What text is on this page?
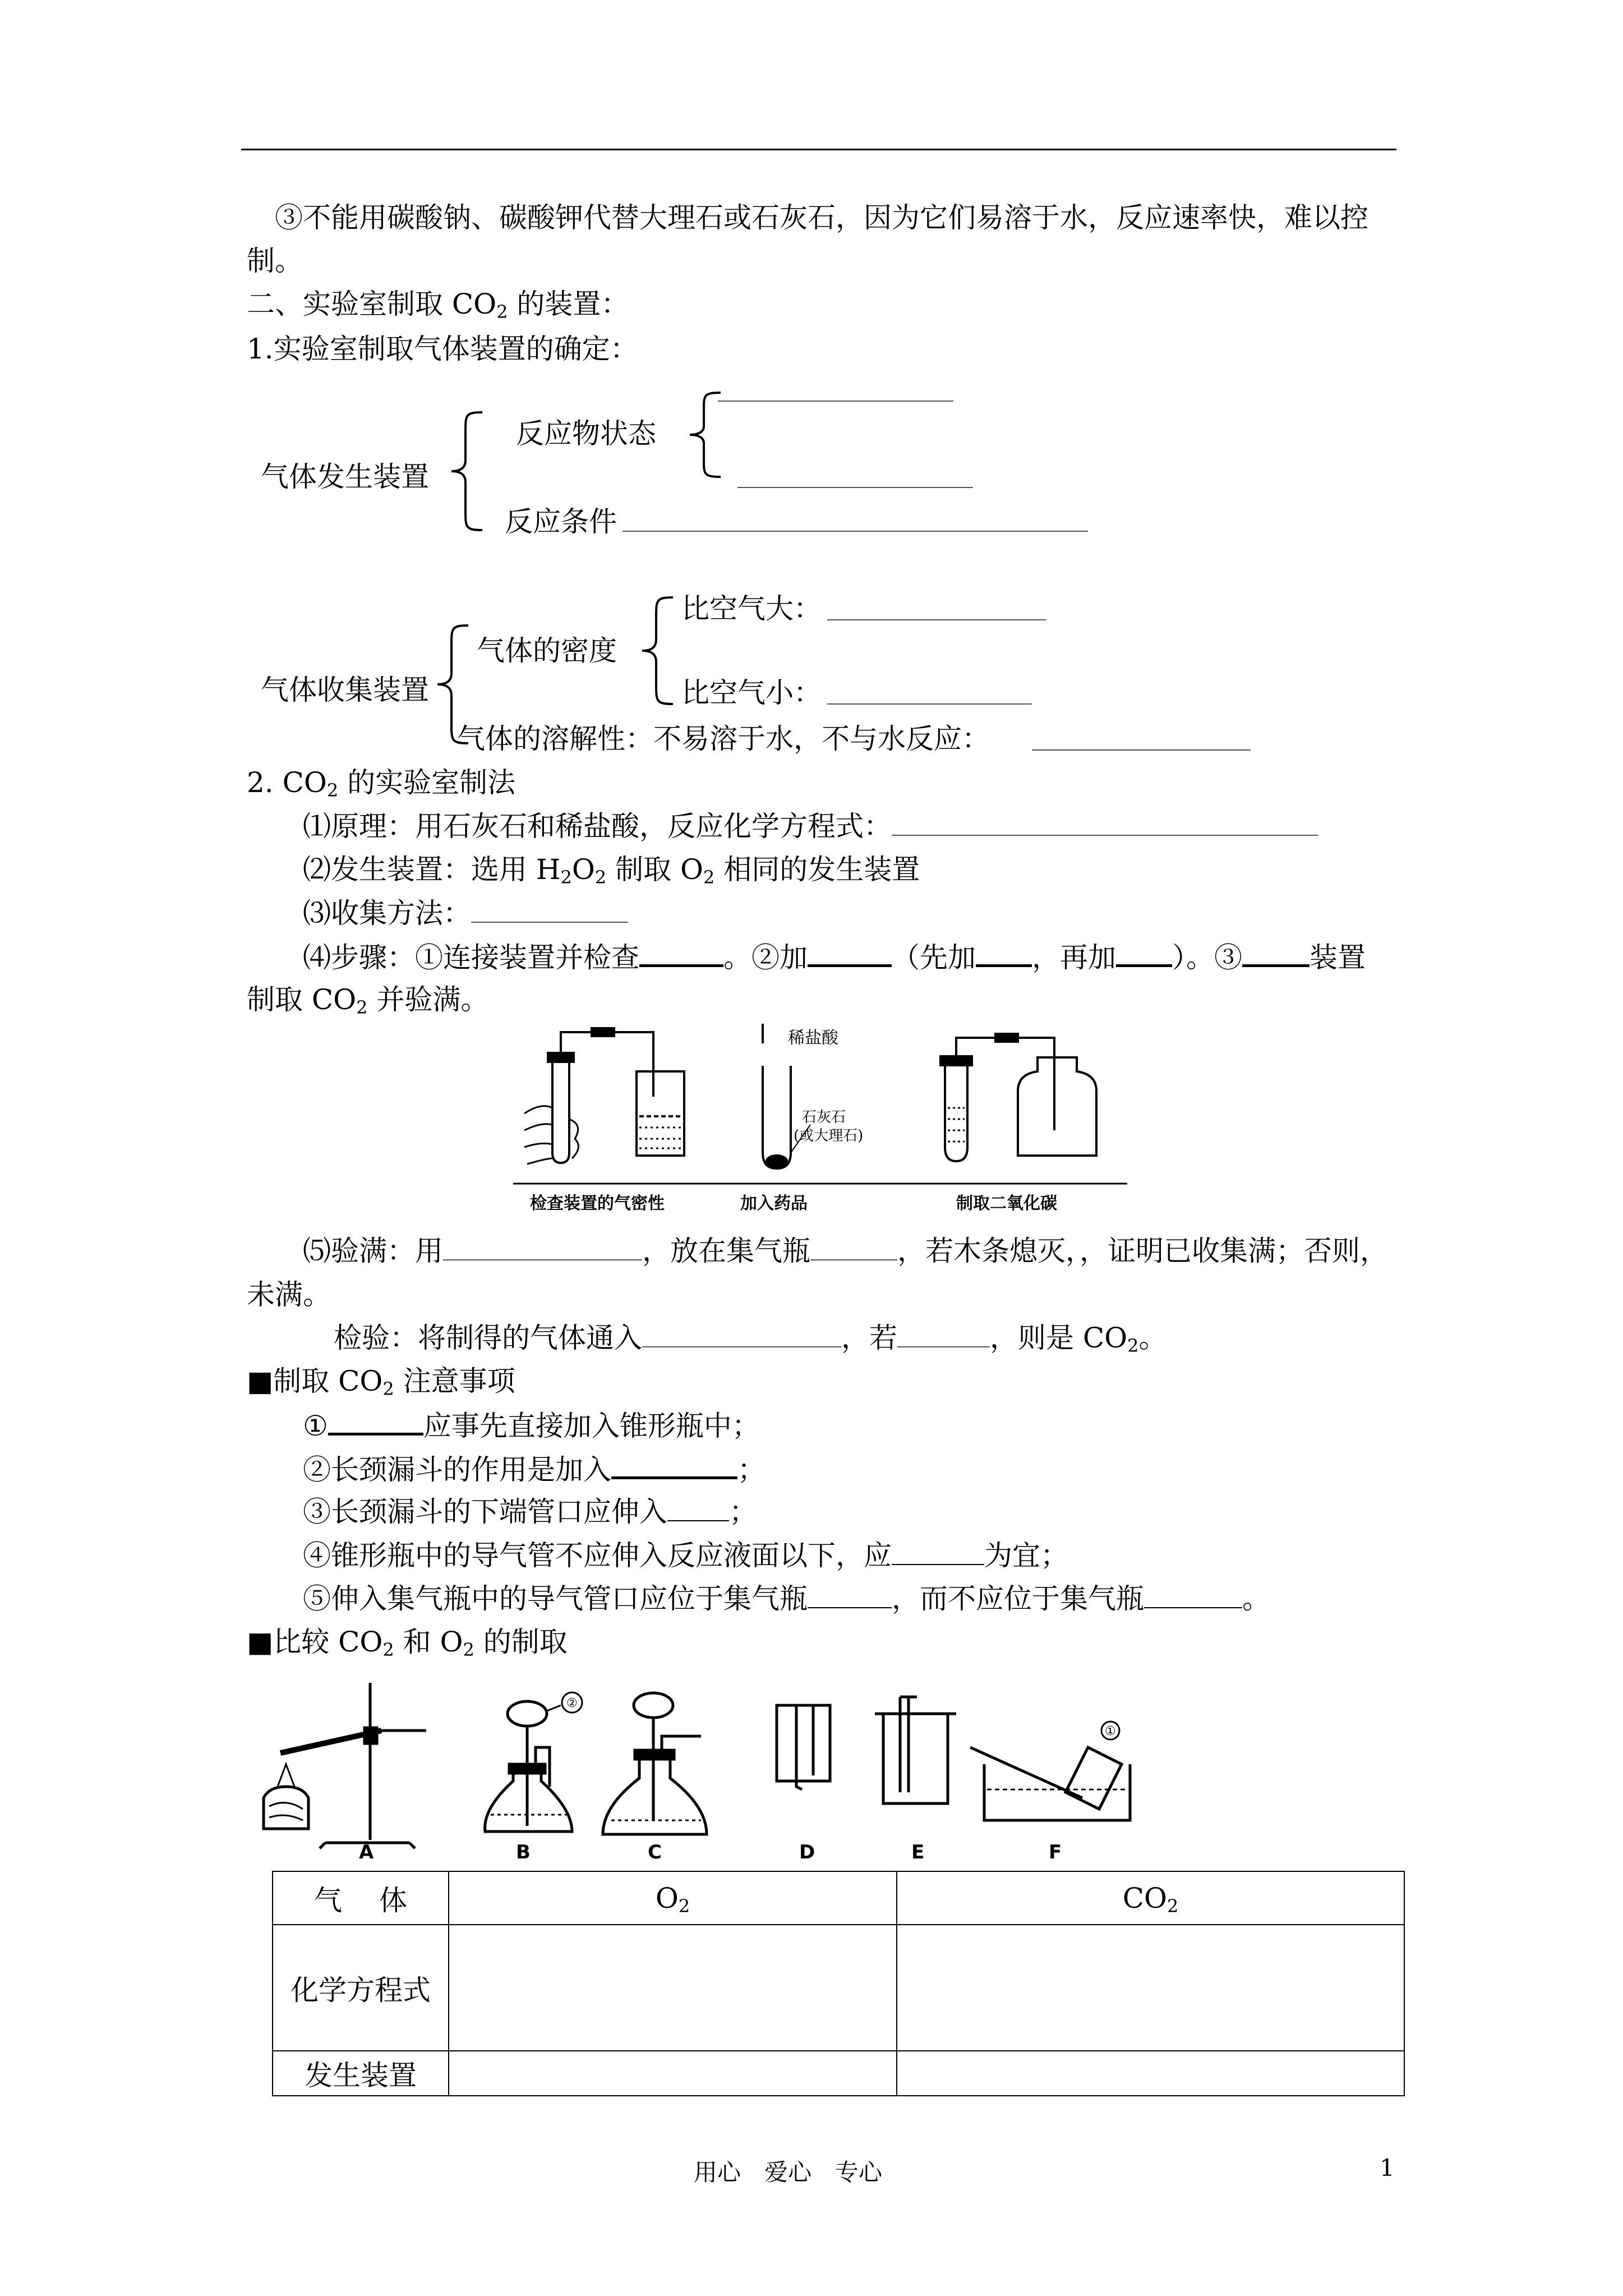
③不能用碳酸钠、碳酸钾代替大理石或石灰石，因为它们易溶于水，反应速率快，难以控
制。
二、实验室制取 $CO_2$ 的装置：
1.实验室制取气体装置的确定：
气体发生装置
反应物状态
反应条件
气体收集装置
气体的密度
比空气大：
比空气小：
气体的溶解性：不易溶于水，不与水反应：
2. $CO_2$ 的实验室制法
⑴原理：用石灰石和稀盐酸，反应化学方程式：
⑵发生装置：选用 $H_2O_2$ 制取 $O_2$ 相同的发生装置
⑶收集方法：
⑷步骤：①连接装置并检查	。②加	（先加 ，再加 ）。③ 装置
制取 $CO_2$ 并验满。
稀盐酸
石灰石
(或大理石)
检查装置的气密性	加入药品	制取二氧化碳
⑸验满：用	，放在集气瓶	，若木条熄灭，，证明已收集满；否则，
未满。
检验：将制得的气体通入	，若	，则是 $CO_2$。
■制取 $CO_2$ 注意事项
①	应事先直接加入锥形瓶中；
②长颈漏斗的作用是加入	；
③长颈漏斗的下端管口应伸入 ；
④锥形瓶中的导气管不应伸入反应液面以下，应	为宜；
⑤伸入集气瓶中的导气管口应位于集气瓶	，而不应位于集气瓶	。
■比较 $CO_2$ 和 $O_2$ 的制取
A	B	C	D	E	F
②
①
气　 体	$O_2$	$CO_2$
化学方程式		
发生装置		
用心　爱心　专心	1
